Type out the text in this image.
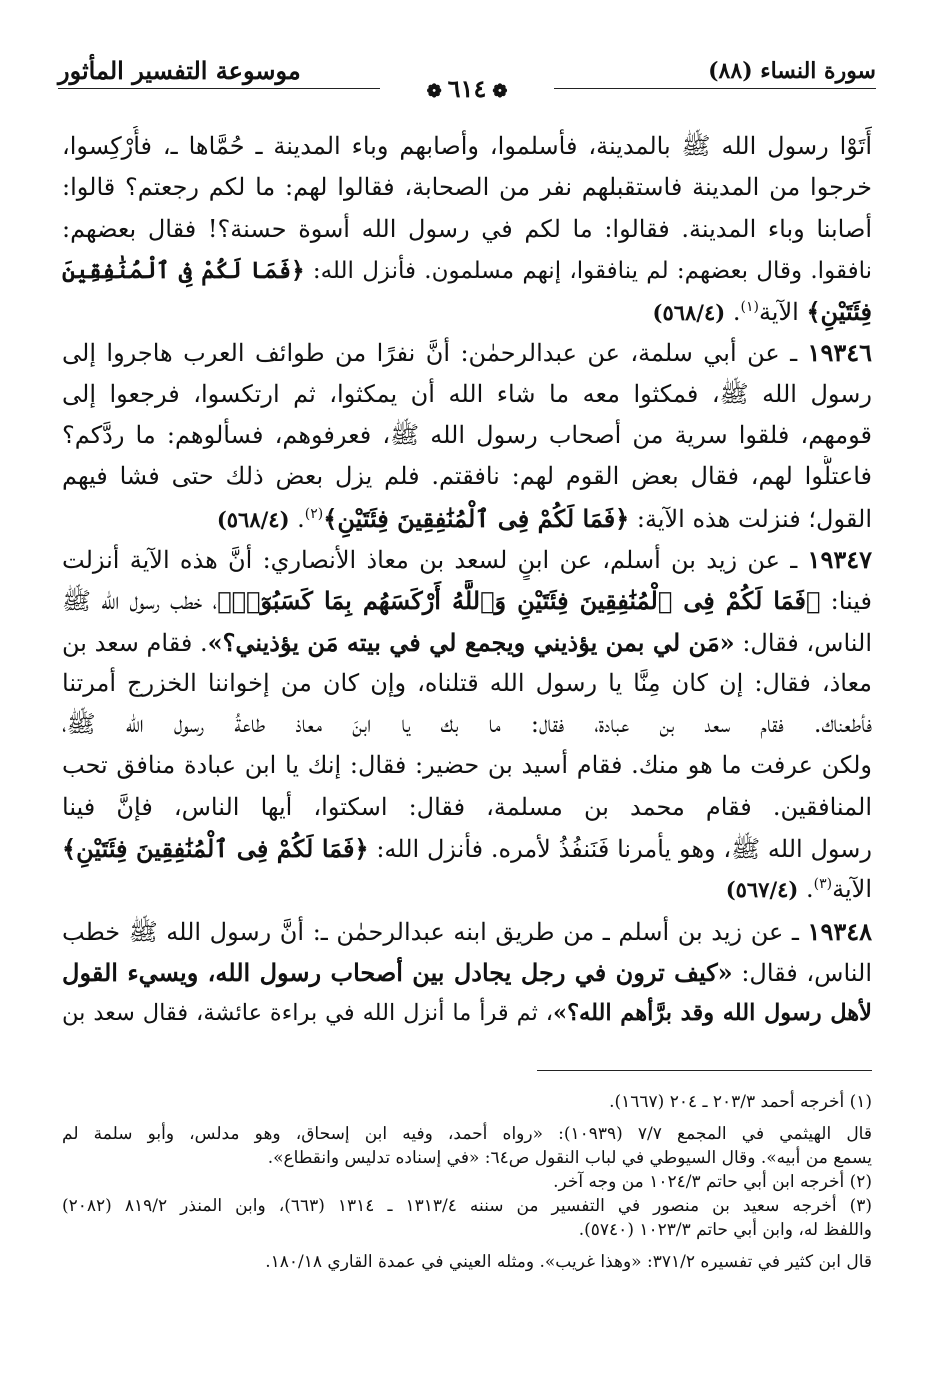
سورة النساء (٨٨)
موسوعة التفسير المأثور
❁٦١٤❁
أَتَوْا رسول الله ﷺ بالمدينة، فأسلموا، وأصابهم وباء المدينة ـ حُمَّاها ـ، فأُرْكِسوا،
خرجوا من المدينة فاستقبلهم نفر من الصحابة، فقالوا لهم: ما لكم رجعتم؟ قالوا:
أصابنا وباء المدينة. فقالوا: ما لكم في رسول الله أسوة حسنة؟! فقال بعضهم:
نافقوا. وقال بعضهم: لم ينافقوا، إنهم مسلمون. فأنزل الله: ﴿فَمَا لَكُمْ فِى ٱلْمُنَٰفِقِينَ
فِئَتَيْنِ﴾ الآية$^{(١)}$. (٥٦٨/٤)
١٩٣٤٦ ـ عن أبي سلمة، عن عبدالرحمٰن: أنَّ نفرًا من طوائف العرب هاجروا إلى
رسول الله ﷺ، فمكثوا معه ما شاء الله أن يمكثوا، ثم ارتكسوا، فرجعوا إلى
قومهم، فلقوا سرية من أصحاب رسول الله ﷺ، فعرفوهم، فسألوهم: ما ردَّكم؟
فاعتلُّوا لهم، فقال بعض القوم لهم: نافقتم. فلم يزل بعض ذلك حتى فشا فيهم
القول؛ فنزلت هذه الآية: ﴿فَمَا لَكُمْ فِى ٱلْمُنَٰفِقِينَ فِئَتَيْنِ﴾$^{(٢)}$. (٥٦٨/٤)
١٩٣٤٧ ـ عن زيد بن أسلم، عن ابنٍ لسعد بن معاذ الأنصاري: أنَّ هذه الآية أنزلت
فينا: ﴿فَمَا لَكُمْ فِى ٱلْمُنَٰفِقِينَ فِئَتَيْنِ وَٱللَّهُ أَرْكَسَهُم بِمَا كَسَبُوٓا۟﴾، خطب رسول الله ﷺ
الناس، فقال: «مَن لي بمن يؤذيني ويجمع لي في بيته مَن يؤذيني؟». فقام سعد بن
معاذ، فقال: إن كان مِنَّا يا رسول الله قتلناه، وإن كان من إخواننا الخزرج أمرتنا
فأطعناك. فقام سعد بن عبادة، فقال: ما بك يا ابنَ معاذ طاعةُ رسول الله ﷺ،
ولكن عرفت ما هو منك. فقام أسيد بن حضير: فقال: إنك يا ابن عبادة منافق تحب
المنافقين. فقام محمد بن مسلمة، فقال: اسكتوا، أيها الناس، فإنَّ فينا
رسول الله ﷺ، وهو يأمرنا فَنَنفُذُ لأمره. فأنزل الله: ﴿فَمَا لَكُمْ فِى ٱلْمُنَٰفِقِينَ فِئَتَيْنِ﴾
الآية$^{(٣)}$. (٥٦٧/٤)
١٩٣٤٨ ـ عن زيد بن أسلم ـ من طريق ابنه عبدالرحمٰن ـ: أنَّ رسول الله ﷺ خطب
الناس، فقال: «كيف ترون في رجل يجادل بين أصحاب رسول الله، ويسيء القول
لأهل رسول الله وقد برَّأهم الله؟»، ثم قرأ ما أنزل الله في براءة عائشة، فقال سعد بن
(١) أخرجه أحمد ٢٠٣/٣ ـ ٢٠٤ (١٦٦٧).
قال الهيثمي في المجمع ٧/٧ (١٠٩٣٩): «رواه أحمد، وفيه ابن إسحاق، وهو مدلس، وأبو سلمة لم
يسمع من أبيه». وقال السيوطي في لباب النقول ص٦٤: «في إسناده تدليس وانقطاع».
(٢) أخرجه ابن أبي حاتم ١٠٢٤/٣ من وجه آخر.
(٣) أخرجه سعيد بن منصور في التفسير من سننه ١٣١٣/٤ ـ ١٣١٤ (٦٦٣)، وابن المنذر ٨١٩/٢ (٢٠٨٢)
واللفظ له، وابن أبي حاتم ١٠٢٣/٣ (٥٧٤٠).
قال ابن كثير في تفسيره ٣٧١/٢: «وهذا غريب». ومثله العيني في عمدة القاري ١٨٠/١٨.
